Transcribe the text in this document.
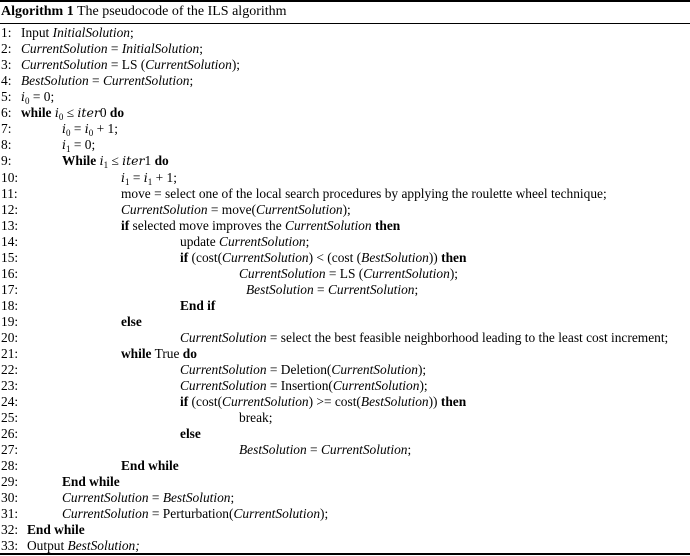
Algorithm 1 The pseudocode of the ILS algorithm
1: Input InitialSolution;
2: CurrentSolution = InitialSolution;
3: CurrentSolution = LS (CurrentSolution);
4: BestSolution = CurrentSolution;
5: $i_0 = 0$;
6: while $i_0$ ≤ iter0 do
7:	$i_0 = i_0 + 1$;
8:	$i_1 = 0$;
9:	While $i_1$ ≤ iter1 do
10:	$i_1 = i_1 + 1$;
11:	move = select one of the local search procedures by applying the roulette wheel technique;
12:	CurrentSolution = move(CurrentSolution);
13:	if selected move improves the CurrentSolution then
14:	update CurrentSolution;
15:	if (cost(CurrentSolution) < (cost (BestSolution)) then
16:	CurrentSolution = LS (CurrentSolution);
17:	BestSolution = CurrentSolution;
18:	End if
19:	else
20:	CurrentSolution = select the best feasible neighborhood leading to the least cost increment;
21:	while True do
22:	CurrentSolution = Deletion(CurrentSolution);
23:	CurrentSolution = Insertion(CurrentSolution);
24:	if (cost(CurrentSolution) >= cost(BestSolution)) then
25:	break;
26:	else
27:	BestSolution = CurrentSolution;
28:	End while
29:	End while
30:	CurrentSolution = BestSolution;
31:	CurrentSolution = Perturbation(CurrentSolution);
32: End while
33: Output BestSolution;
